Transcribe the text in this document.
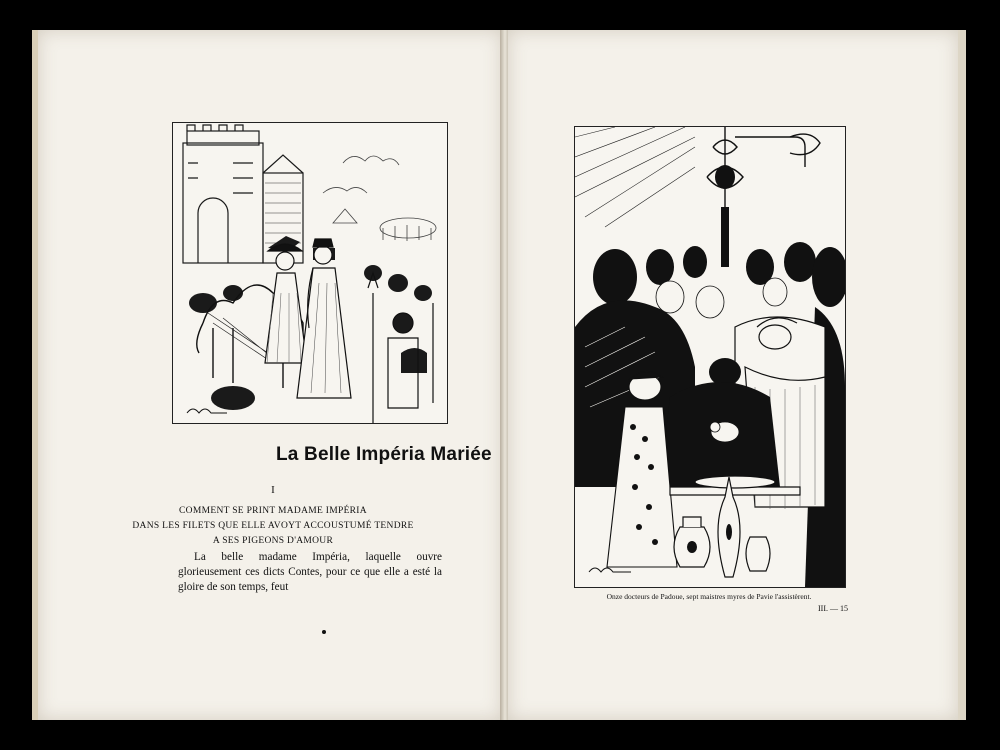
La Belle Impéria Mariée
I
COMMENT SE PRINT MADAME IMPÉRIA
DANS LES FILETS QUE ELLE AVOYT ACCOUSTUMÉ TENDRE
A SES PIGEONS D'AMOUR
La belle madame Impéria, laquelle ouvre glorieusement ces dicts Contes, pour ce que elle a esté la gloire de son temps, feut
Onze docteurs de Padoue, sept maistres myres de Pavie l'assistèrent.
III. — 15
